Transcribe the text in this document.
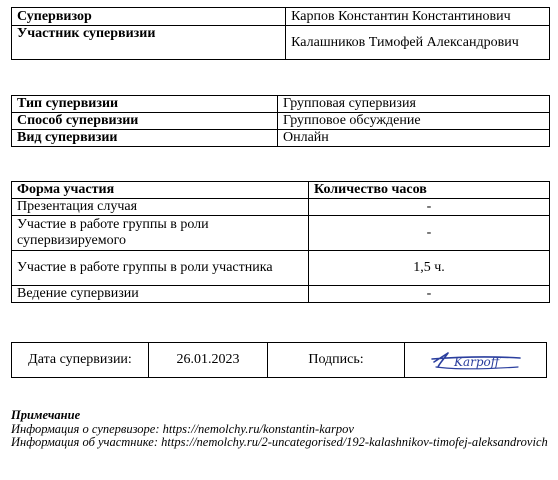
Супервизор	Карпов Константин Константинович
Участник супервизии	Калашников Тимофей Александрович
Тип супервизии	Групповая супервизия
Способ супервизии	Групповое обсуждение
Вид супервизии	Онлайн
Форма участия	Количество часов
Презентация случая	-
Участие в работе группы в роли супервизируемого	-
Участие в работе группы в роли участника	1,5 ч.
Ведение супервизии	-
Дата супервизии:	26.01.2023	Подпись:	Karpoff
Примечание
Информация о супервизоре: https://nemolchy.ru/konstantin-karpov
Информация об участнике: https://nemolchy.ru/2-uncategorised/192-kalashnikov-timofej-aleksandrovich
